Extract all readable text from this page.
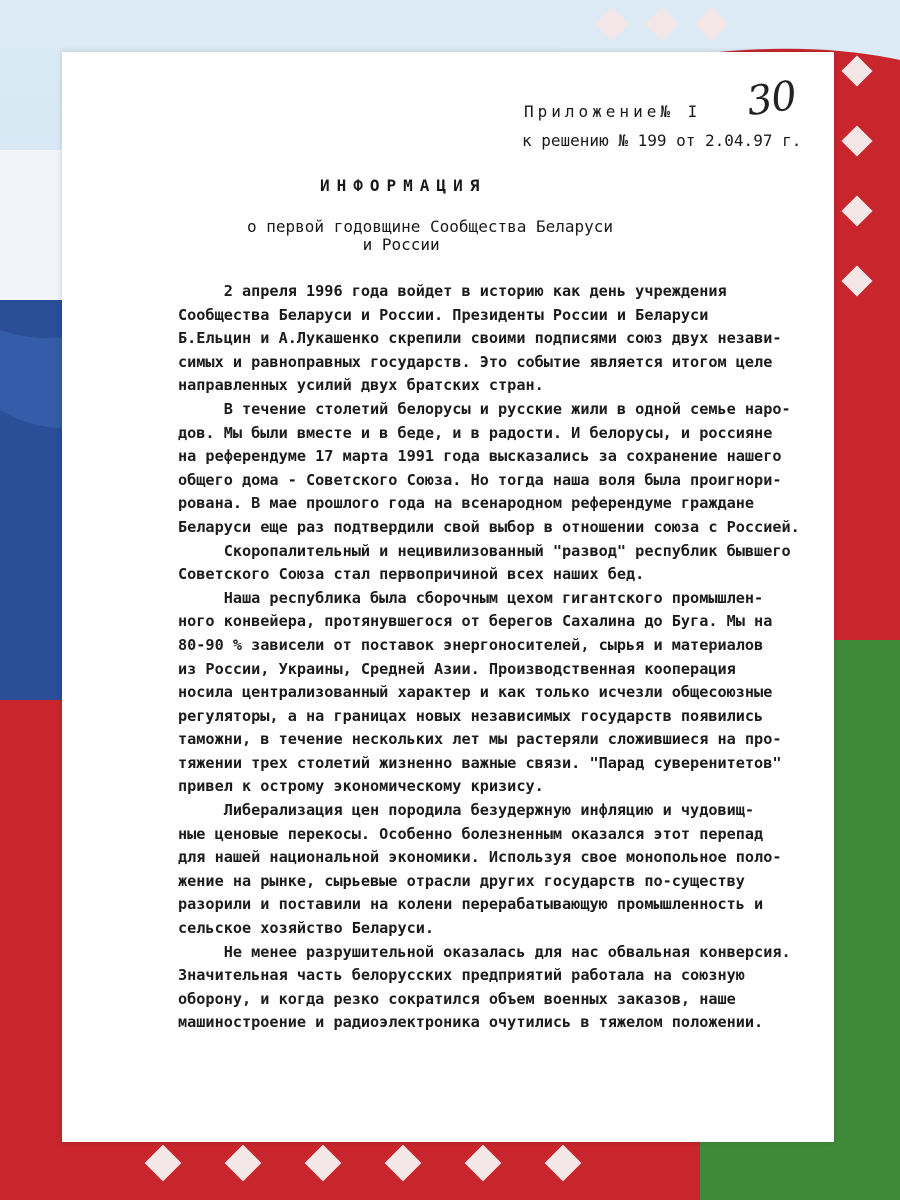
30
Приложение№ I
к решению № 199 от 2.04.97 г.
ИНФОРМАЦИЯ
о первой годовщине Сообщества Беларуси
и России

2 апреля 1996 года войдет в историю как день учреждения
Сообщества Беларуси и России. Президенты России и Беларуси
Б.Ельцин и А.Лукашенко скрепили своими подписями союз двух незави-
симых и равноправных государств. Это событие является итогом целе
направленных усилий двух братских стран.

В течение столетий белорусы и русские жили в одной семье наро-
дов. Мы были вместе и в беде, и в радости. И белорусы, и россияне
на референдуме 17 марта 1991 года высказались за сохранение нашего
общего дома - Советского Союза. Но тогда наша воля была проигнори-
рована. В мае прошлого года на всенародном референдуме граждане
Беларуси еще раз подтвердили свой выбор в отношении союза с Россией.

Скоропалительный и нецивилизованный "развод" республик бывшего
Советского Союза стал первопричиной всех наших бед.

Наша республика была сборочным цехом гигантского промышлен-
ного конвейера, протянувшегося от берегов Сахалина до Буга. Мы на
80-90 % зависели от поставок энергоносителей, сырья и материалов
из России, Украины, Средней Азии. Производственная кооперация
носила централизованный характер и как только исчезли общесоюзные
регуляторы, а на границах новых независимых государств появились
таможни, в течение нескольких лет мы растеряли сложившиеся на про-
тяжении трех столетий жизненно важные связи. "Парад суверенитетов"
привел к острому экономическому кризису.

Либерализация цен породила безудержную инфляцию и чудовищ-
ные ценовые перекосы. Особенно болезненным оказался этот перепад
для нашей национальной экономики. Используя свое монопольное поло-
жение на рынке, сырьевые отрасли других государств по-существу
разорили и поставили на колени перерабатывающую промышленность и
сельское хозяйство Беларуси.

Не менее разрушительной оказалась для нас обвальная конверсия.
Значительная часть белорусских предприятий работала на союзную
оборону, и когда резко сократился объем военных заказов, наше
машиностроение и радиоэлектроника очутились в тяжелом положении.
